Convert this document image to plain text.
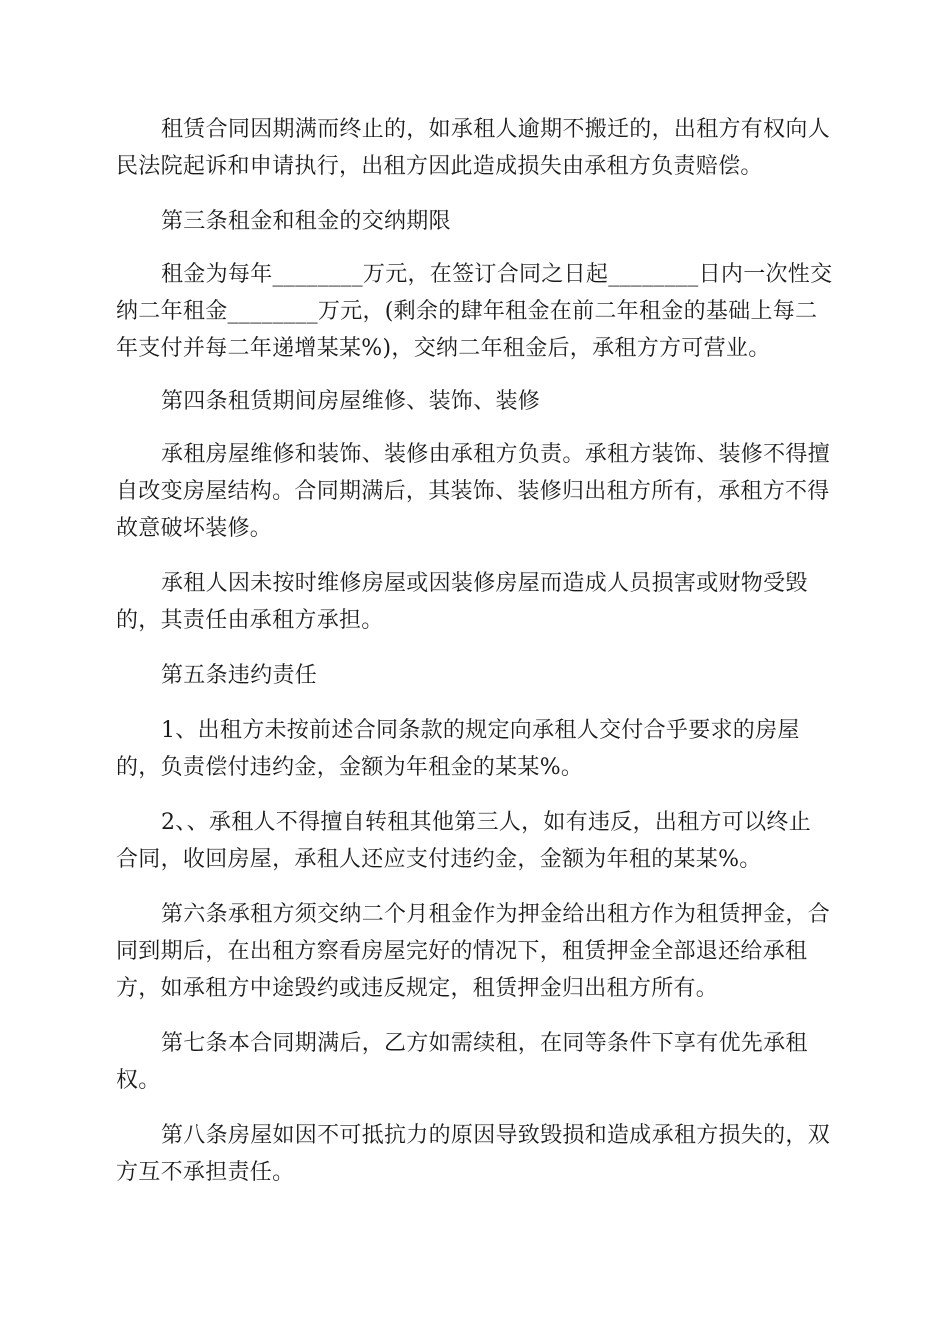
租赁合同因期满而终止的，如承租人逾期不搬迁的，出租方有权向人
民法院起诉和申请执行，出租方因此造成损失由承租方负责赔偿。

第三条租金和租金的交纳期限

租金为每年________万元，在签订合同之日起________日内一次性交
纳二年租金________万元，(剩余的肆年租金在前二年租金的基础上每二
年支付并每二年递增某某%)，交纳二年租金后，承租方方可营业。

第四条租赁期间房屋维修、装饰、装修

承租房屋维修和装饰、装修由承租方负责。承租方装饰、装修不得擅
自改变房屋结构。合同期满后，其装饰、装修归出租方所有，承租方不得
故意破坏装修。

承租人因未按时维修房屋或因装修房屋而造成人员损害或财物受毁
的，其责任由承租方承担。

第五条违约责任

1、出租方未按前述合同条款的规定向承租人交付合乎要求的房屋
的，负责偿付违约金，金额为年租金的某某%。

2、、承租人不得擅自转租其他第三人，如有违反，出租方可以终止
合同，收回房屋，承租人还应支付违约金，金额为年租的某某%。

第六条承租方须交纳二个月租金作为押金给出租方作为租赁押金，合
同到期后，在出租方察看房屋完好的情况下，租赁押金全部退还给承租
方，如承租方中途毁约或违反规定，租赁押金归出租方所有。

第七条本合同期满后，乙方如需续租，在同等条件下享有优先承租
权。

第八条房屋如因不可抵抗力的原因导致毁损和造成承租方损失的，双
方互不承担责任。
